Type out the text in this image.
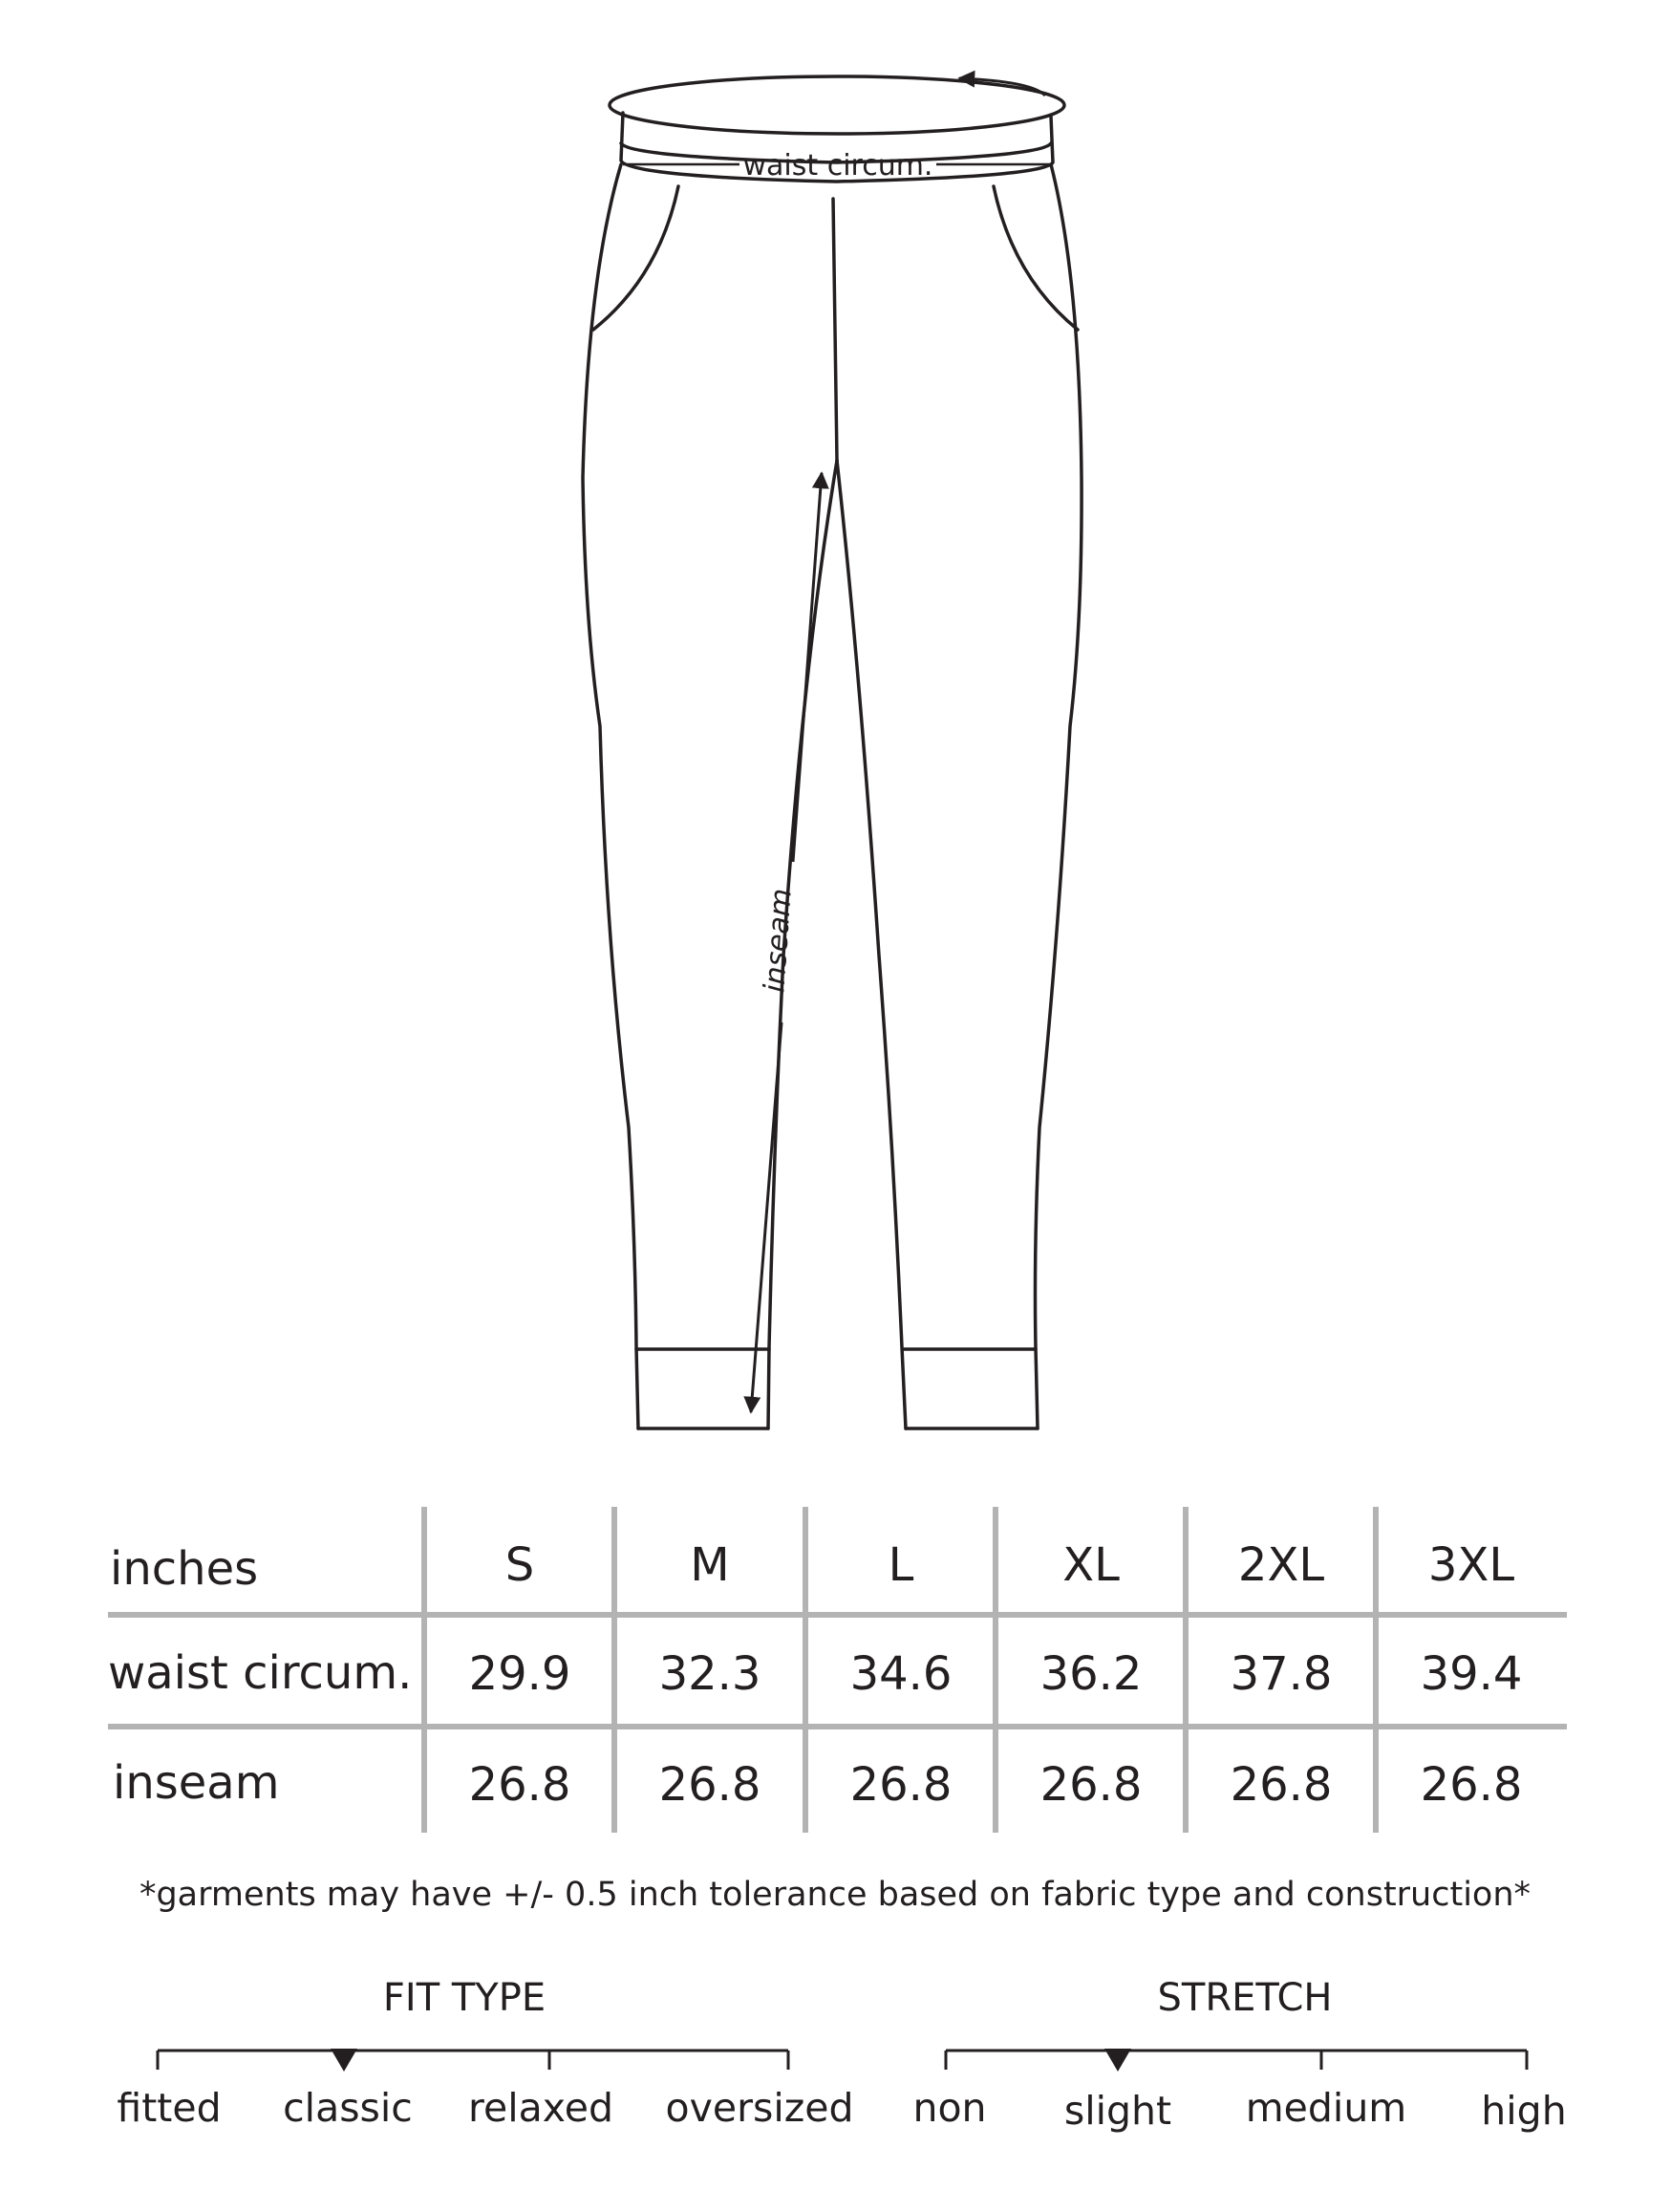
waist circum.
inseam
inches	S	M	L	XL	2XL 3XL
waist circum. 29.9 32.3 34.6 36.2 37.8 39.4
inseam	26.8 26.8 26.8 26.8 26.8 26.8
*garments may have +/- 0.5 inch tolerance based on fabric type and construction*
FIT TYPE
fitted classic relaxed oversized
STRETCH
non slight medium high
